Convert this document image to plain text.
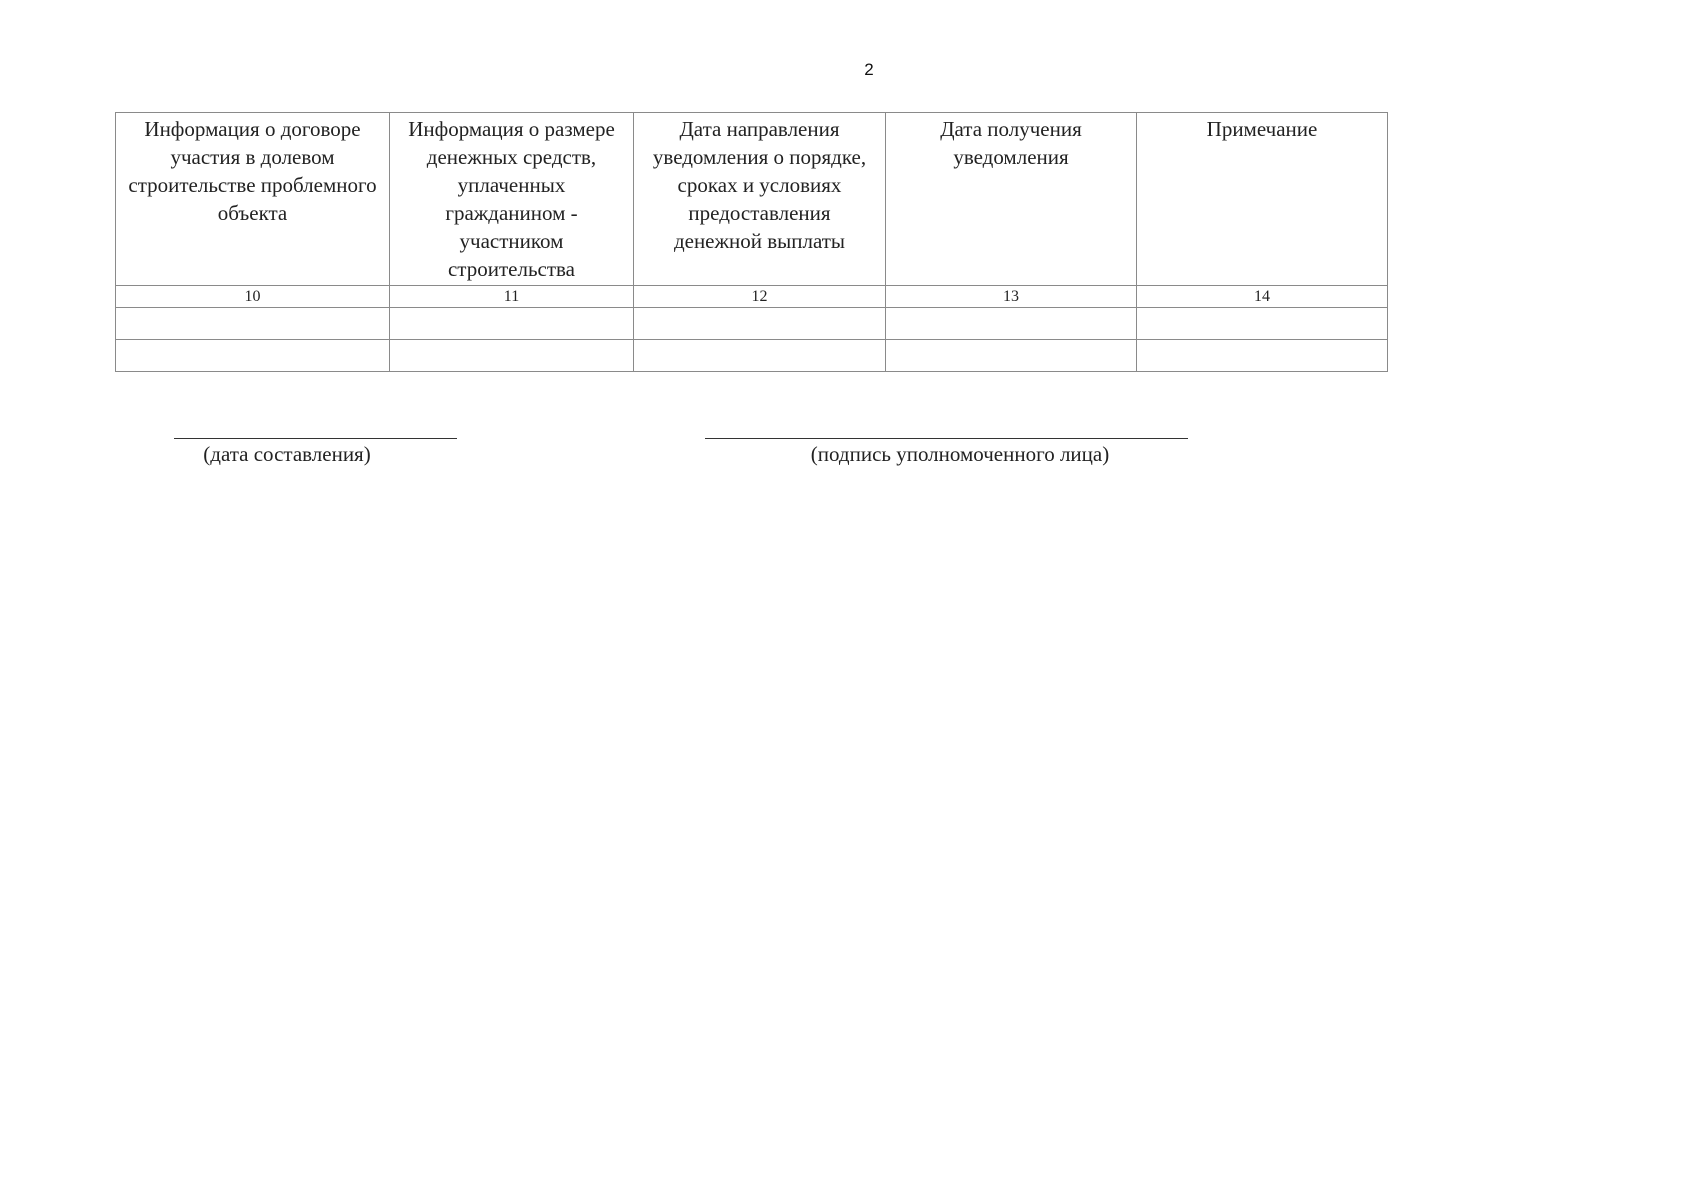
2
Информация о договоре участия в долевом строительстве проблемного объекта	Информация о размере денежных средств, уплаченных гражданином - участником строительства	Дата направления уведомления о порядке, сроках и условиях предоставления денежной выплаты	Дата получения уведомления	Примечание
10	11	12	13	14

(дата составления)	(подпись уполномоченного лица)
